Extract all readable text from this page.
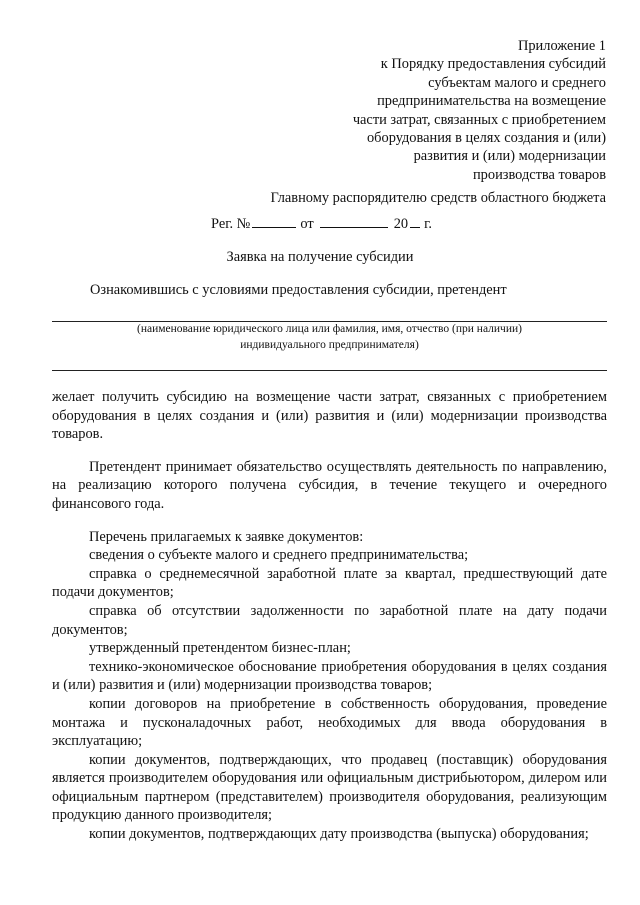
Приложение 1
к Порядку предоставления субсидий
субъектам малого и среднего
предпринимательства на возмещение
части затрат, связанных с приобретением
оборудования в целях создания и (или)
развития и (или) модернизации
производства товаров
Главному распорядителю средств областного бюджета
Рег. №	от	20 г.
Заявка на получение субсидии
Ознакомившись с условиями предоставления субсидии, претендент
(наименование юридического лица или фамилия, имя, отчество (при наличии)
индивидуального предпринимателя)

желает получить субсидию на возмещение части затрат, связанных с приобретением оборудования в целях создания и (или) развития и (или) модернизации производства товаров.

Претендент принимает обязательство осуществлять деятельность по направлению, на реализацию которого получена субсидия, в течение текущего и очередного финансового года.

Перечень прилагаемых к заявке документов:

сведения о субъекте малого и среднего предпринимательства;

справка о среднемесячной заработной плате за квартал, предшествующий дате подачи документов;

справка об отсутствии задолженности по заработной плате на дату подачи документов;

утвержденный претендентом бизнес-план;

технико-экономическое обоснование приобретения оборудования в целях создания и (или) развития и (или) модернизации производства товаров;

копии договоров на приобретение в собственность оборудования, проведение монтажа и пусконаладочных работ, необходимых для ввода оборудования в эксплуатацию;

копии документов, подтверждающих, что продавец (поставщик) оборудования является производителем оборудования или официальным дистрибьютором, дилером или официальным партнером (представителем) производителя оборудования, реализующим продукцию данного производителя;

копии документов, подтверждающих дату производства (выпуска) оборудования;
